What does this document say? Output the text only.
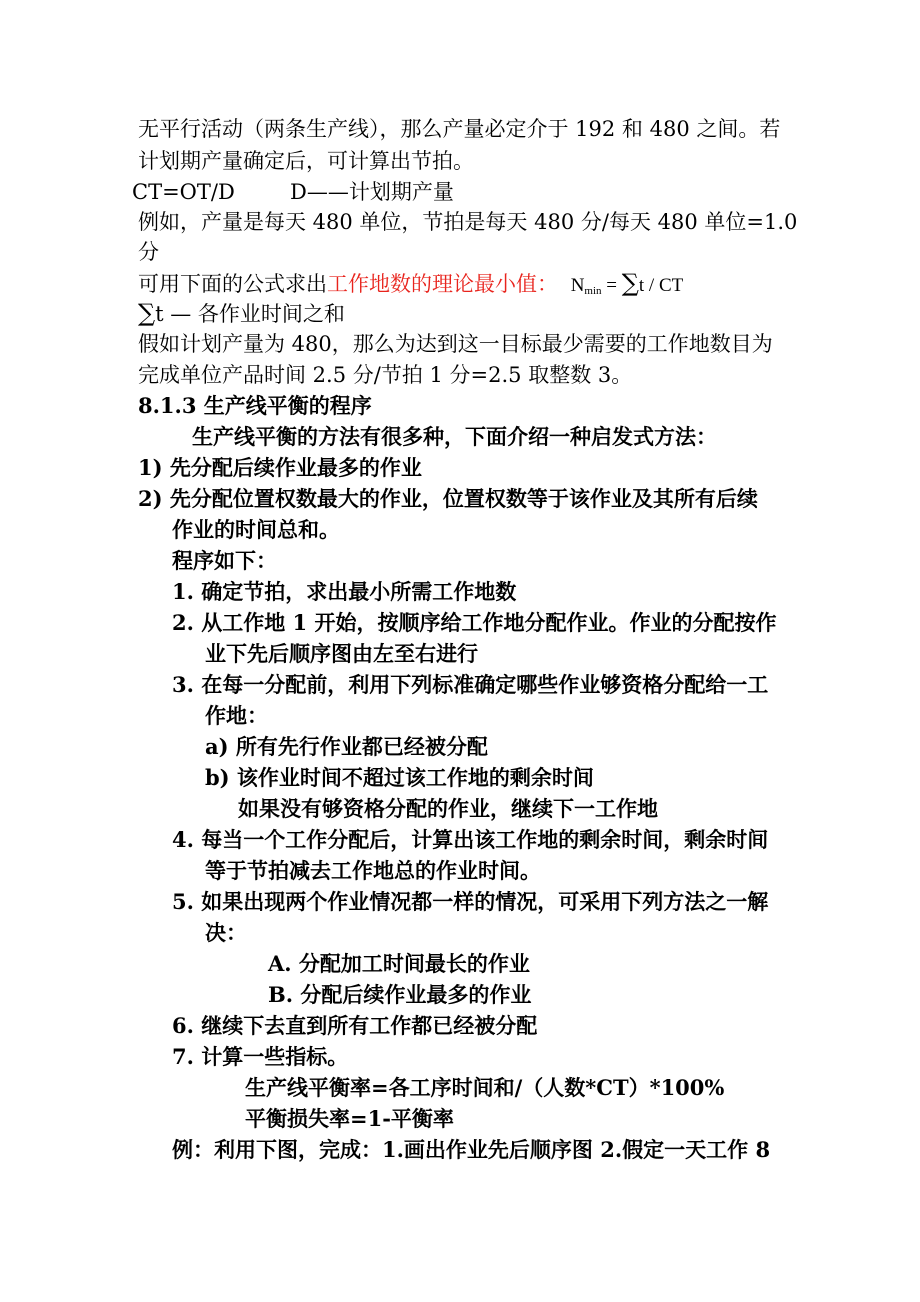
无平行活动（两条生产线），那么产量必定介于 192 和 480 之间。若
计划期产量确定后，可计算出节拍。
CT=OT/D	D——计划期产量
例如，产量是每天 480 单位，节拍是每天 480 分/每天 480 单位=1.0
分
可用下面的公式求出工作地数的理论最小值： $N_{min} = \sum t$ / CT
∑t — 各作业时间之和
假如计划产量为 480，那么为达到这一目标最少需要的工作地数目为
完成单位产品时间 2.5 分/节拍 1 分=2.5 取整数 3。
8.1.3 生产线平衡的程序
生产线平衡的方法有很多种，下面介绍一种启发式方法：
1) 先分配后续作业最多的作业
2) 先分配位置权数最大的作业，位置权数等于该作业及其所有后续
作业的时间总和。
程序如下：
1. 确定节拍，求出最小所需工作地数
2. 从工作地 1 开始，按顺序给工作地分配作业。作业的分配按作
业下先后顺序图由左至右进行
3. 在每一分配前，利用下列标准确定哪些作业够资格分配给一工
作地：
a) 所有先行作业都已经被分配
b) 该作业时间不超过该工作地的剩余时间
如果没有够资格分配的作业，继续下一工作地
4. 每当一个工作分配后，计算出该工作地的剩余时间，剩余时间
等于节拍减去工作地总的作业时间。
5. 如果出现两个作业情况都一样的情况，可采用下列方法之一解
决：
A. 分配加工时间最长的作业
B. 分配后续作业最多的作业
6. 继续下去直到所有工作都已经被分配
7. 计算一些指标。
生产线平衡率=各工序时间和/（人数*CT）*100%
平衡损失率=1-平衡率
例：利用下图，完成：1.画出作业先后顺序图 2.假定一天工作 8
